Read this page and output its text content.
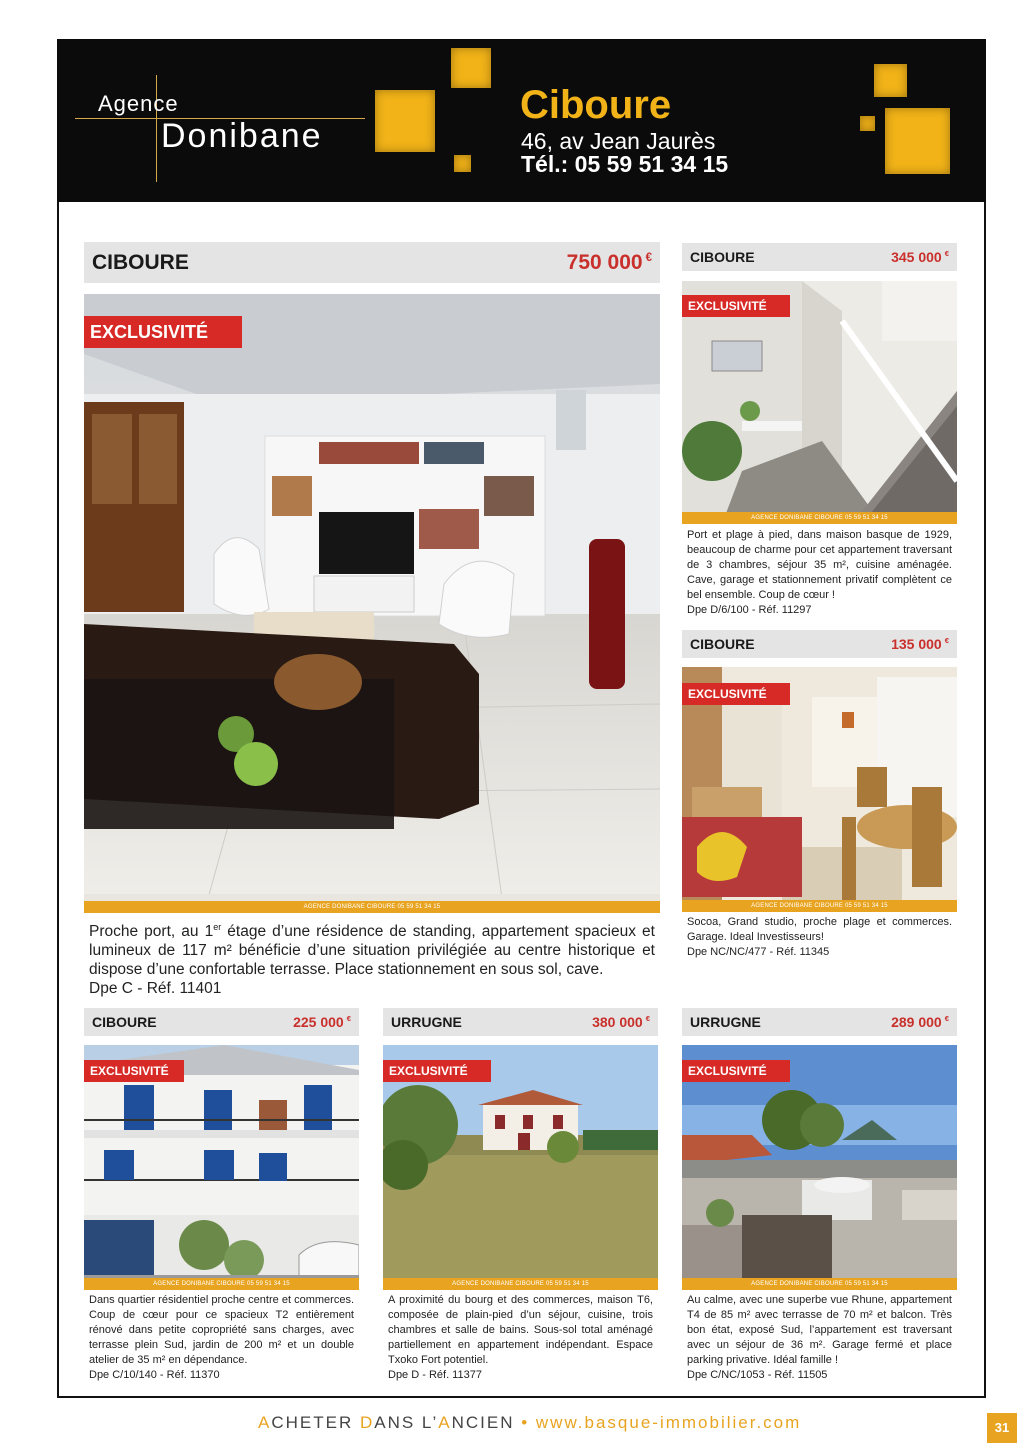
Agence
Donibane
Ciboure
46, av Jean Jaurès
Tél.: 05 59 51 34 15
CIBOURE	750 000 €
EXCLUSIVITÉ
AGENCE DONIBANE CIBOURE 05 59 51 34 15
Proche port, au 1er étage d’une résidence de standing, appartement spacieux et lumineux de 117 m² bénéficie d’une situation privilégiée au centre historique et dispose d’une confortable terrasse. Place stationnement en sous sol, cave.
Dpe C - Réf. 11401
CIBOURE	345 000 €
EXCLUSIVITÉ
AGENCE DONIBANE CIBOURE 05 59 51 34 15
Port et plage à pied, dans maison basque de 1929, beaucoup de charme pour cet appartement traversant de 3 chambres, séjour 35 m², cuisine aménagée. Cave, garage et stationnement privatif complètent ce bel ensemble. Coup de cœur !
Dpe D/6/100 - Réf. 11297
CIBOURE	135 000 €
EXCLUSIVITÉ
AGENCE DONIBANE CIBOURE 05 59 51 34 15
Socoa, Grand studio, proche plage et commerces. Garage. Ideal Investisseurs!
Dpe NC/NC/477 - Réf. 11345
CIBOURE	225 000 €
EXCLUSIVITÉ
AGENCE DONIBANE CIBOURE 05 59 51 34 15
Dans quartier résidentiel proche centre et commerces. Coup de cœur pour ce spacieux T2 entièrement rénové dans petite copropriété sans charges, avec terrasse plein Sud, jardin de 200 m² et un double atelier de 35 m² en dépendance.
Dpe C/10/140 - Réf. 11370
URRUGNE	380 000 €
EXCLUSIVITÉ
AGENCE DONIBANE CIBOURE 05 59 51 34 15
A proximité du bourg et des commerces, maison T6, composée de plain-pied d’un séjour, cuisine, trois chambres et salle de bains. Sous-sol total aménagé partiellement en appartement indépendant. Espace Txoko Fort potentiel.
Dpe D - Réf. 11377
URRUGNE	289 000 €
EXCLUSIVITÉ
AGENCE DONIBANE CIBOURE 05 59 51 34 15
Au calme, avec une superbe vue Rhune, appartement T4 de 85 m² avec terrasse de 70 m² et balcon. Très bon état, exposé Sud, l’appartement est traversant avec un séjour de 36 m². Garage fermé et place parking privative. Idéal famille !
Dpe C/NC/1053 - Réf. 11505
ACHETER DANS L’ANCIEN • www.basque-immobilier.com	31
